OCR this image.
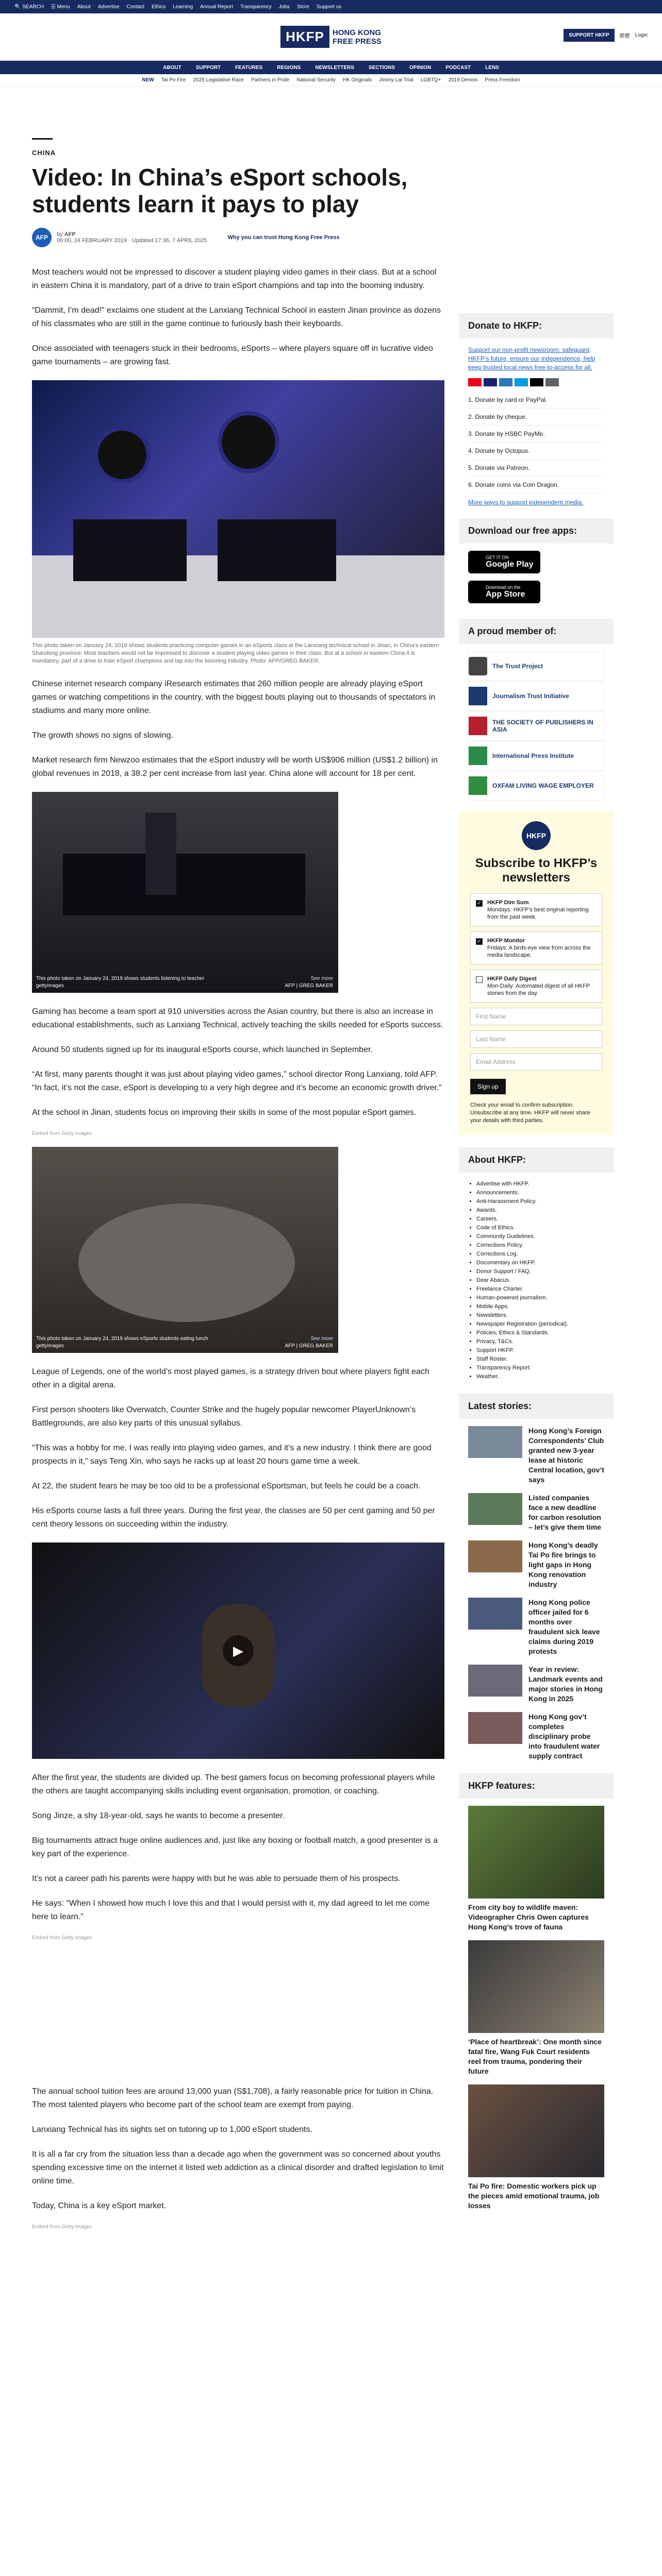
🔍 SEARCH ☰ Menu About Advertise Contact Ethics Learning Annual Report Transparency Jobs Store Support us
HKFP	HONG KONG
FREE PRESS
SUPPORT HKFP	繁體 Login
ABOUT	SUPPORT	FEATURES	REGIONS	NEWSLETTERS	SECTIONS	OPINION	PODCAST	LENS
NEW Tai Po Fire 2025 Legislative Race Partners in Pride National Security HK Originals Jimmy Lai Trial LGBTQ+ 2019 Demos Press Freedom
CHINA
Video: In China’s eSport schools, students learn it pays to play
AFP	by AFP
06:00, 24 FEBRUARY 2019 · Updated 17:36, 7 APRIL 2025	Why you can trust Hong Kong Free Press

Most teachers would not be impressed to discover a student playing video games in their class. But at a school in eastern China it is mandatory, part of a drive to train eSport champions and tap into the booming industry.

“Dammit, I’m dead!” exclaims one student at the Lanxiang Technical School in eastern Jinan province as dozens of his classmates who are still in the game continue to furiously bash their keyboards.

Once associated with teenagers stuck in their bedrooms, eSports – where players square off in lucrative video game tournaments – are growing fast.

This photo taken on January 24, 2019 shows students practicing computer games in an eSports class at the Lanxiang technical school in Jinan, in China’s eastern Shandong province. Most teachers would not be impressed to discover a student playing video games in their class. But at a school in eastern China it is mandatory, part of a drive to train eSport champions and tap into the booming industry. Photo: AFP/GREG BAKER.

Chinese internet research company iResearch estimates that 260 million people are already playing eSport games or watching competitions in the country, with the biggest bouts playing out to thousands of spectators in stadiums and many more online.

The growth shows no signs of slowing.

Market research firm Newzoo estimates that the eSport industry will be worth US$906 million (US$1.2 billion) in global revenues in 2018, a 38.2 per cent increase from last year. China alone will account for 18 per cent.

See more
This photo taken on January 24, 2019 shows students listening to teacher
gettyimages	AFP | GREG BAKER

Gaming has become a team sport at 910 universities across the Asian country, but there is also an increase in educational establishments, such as Lanxiang Technical, actively teaching the skills needed for eSports success.

Around 50 students signed up for its inaugural eSports course, which launched in September.

“At first, many parents thought it was just about playing video games,” school director Rong Lanxiang, told AFP. “In fact, it’s not the case, eSport is developing to a very high degree and it’s become an economic growth driver.”

At the school in Jinan, students focus on improving their skills in some of the most popular eSport games.

Embed from Getty Images
See more
This photo taken on January 24, 2019 shows eSports students eating lunch
gettyimages	AFP | GREG BAKER

League of Legends, one of the world’s most played games, is a strategy driven bout where players fight each other in a digital arena.

First person shooters like Overwatch, Counter Strike and the hugely popular newcomer PlayerUnknown’s Battlegrounds, are also key parts of this unusual syllabus.

“This was a hobby for me, I was really into playing video games, and it’s a new industry. I think there are good prospects in it,” says Teng Xin, who says he racks up at least 20 hours game time a week.

At 22, the student fears he may be too old to be a professional eSportsman, but feels he could be a coach.

His eSports course lasts a full three years. During the first year, the classes are 50 per cent gaming and 50 per cent theory lessons on succeeding within the industry.

▶

After the first year, the students are divided up. The best gamers focus on becoming professional players while the others are taught accompanying skills including event organisation, promotion, or coaching.

Song Jinze, a shy 18-year-old, says he wants to become a presenter.

Big tournaments attract huge online audiences and, just like any boxing or football match, a good presenter is a key part of the experience.

It’s not a career path his parents were happy with but he was able to persuade them of his prospects.

He says: “When I showed how much I love this and that I would persist with it, my dad agreed to let me come here to learn.”

Embed from Getty Images

The annual school tuition fees are around 13,000 yuan (S$1,708), a fairly reasonable price for tuition in China. The most talented players who become part of the school team are exempt from paying.

Lanxiang Technical has its sights set on tutoring up to 1,000 eSport students.

It is all a far cry from the situation less than a decade ago when the government was so concerned about youths spending excessive time on the internet it listed web addiction as a clinical disorder and drafted legislation to limit online time.

Today, China is a key eSport market.

Embed from Getty Images
Donate to HKFP:
Support our non-profit newsroom: safeguard HKFP’s future, ensure our independence, help keep trusted local news free-to-access for all.
1. Donate by card or PayPal.
2. Donate by cheque.
3. Donate by HSBC PayMe.
4. Donate by Octopus.
5. Donate via Patreon.
6. Donate coins via Coin Dragon.
More ways to support independent media.
Download our free apps:
GET IT ON
Google Play
Download on the
App Store
A proud member of:
The Trust Project
Journalism Trust Initiative
THE SOCIETY OF PUBLISHERS IN ASIA
International Press Institute
OXFAM LIVING WAGE EMPLOYER
HKFP
Subscribe to HKFP’s newsletters
✓ HKFP Dim Sum
Mondays: HKFP’s best original reporting from the past week.
✓ HKFP Monitor
Fridays: A birds-eye view from across the media landscape.
HKFP Daily Digest
Mon-Daily: Automated digest of all HKFP stories from the day.
First Name
Last Name
Email Address
Sign up
Check your email to confirm subscription. Unsubscribe at any time. HKFP will never share your details with third parties.
About HKFP:
• Advertise with HKFP.
• Announcements.
• Anti-Harassment Policy.
• Awards.
• Careers.
• Code of Ethics.
• Community Guidelines.
• Corrections Policy.
• Corrections Log.
• Documentary on HKFP.
• Donor Support / FAQ.
• Dear Abacus.
• Freelance Charter.
• Human-powered journalism.
• Mobile Apps.
• Newsletters.
• Newspaper Registration (periodical).
• Policies, Ethics & Standards.
• Privacy, T&Cs.
• Support HKFP.
• Staff Roster.
• Transparency Report.
• Weather.
Latest stories:
Hong Kong’s Foreign Correspondents’ Club granted new 3-year lease at historic Central location, gov’t says
Listed companies face a new deadline for carbon resolution – let’s give them time
Hong Kong’s deadly Tai Po fire brings to light gaps in Hong Kong renovation industry
Hong Kong police officer jailed for 6 months over fraudulent sick leave claims during 2019 protests
Year in review: Landmark events and major stories in Hong Kong in 2025
Hong Kong gov’t completes disciplinary probe into fraudulent water supply contract
HKFP features:
From city boy to wildlife maven: Videographer Chris Owen captures Hong Kong’s trove of fauna
‘Place of heartbreak’: One month since fatal fire, Wang Fuk Court residents reel from trauma, pondering their future
Tai Po fire: Domestic workers pick up the pieces amid emotional trauma, job losses
